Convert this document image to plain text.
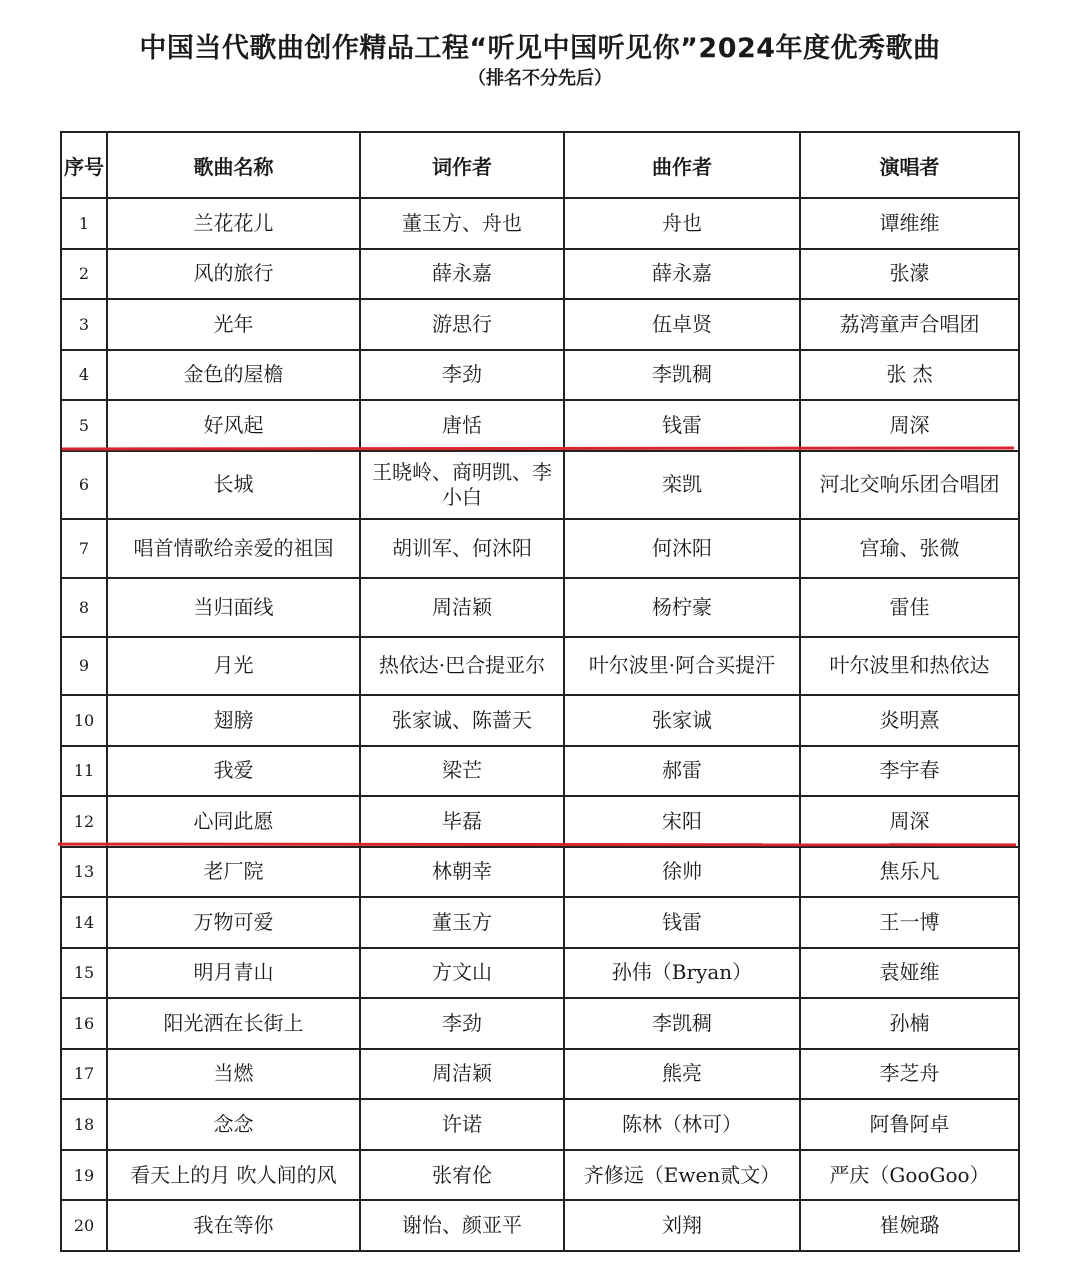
中国当代歌曲创作精品工程“听见中国听见你”2024年度优秀歌曲
（排名不分先后）
序号	歌曲名称	词作者	曲作者	演唱者
1	兰花花儿	董玉方、舟也	舟也	谭维维
2	风的旅行	薛永嘉	薛永嘉	张濛
3	光年	游思行	伍卓贤	荔湾童声合唱团
4	金色的屋檐	李劲	李凯稠	张 杰
5	好风起	唐恬	钱雷	周深
6	长城	王晓岭、商明凯、李小白	栾凯	河北交响乐团合唱团
7	唱首情歌给亲爱的祖国	胡训军、何沐阳	何沐阳	宫瑜、张微
8	当归面线	周洁颖	杨柠豪	雷佳
9	月光	热依达·巴合提亚尔	叶尔波里·阿合买提汗	叶尔波里和热依达
10	翅膀	张家诚、陈蔷天	张家诚	炎明熹
11	我爱	梁芒	郝雷	李宇春
12	心同此愿	毕磊	宋阳	周深
13	老厂院	林朝幸	徐帅	焦乐凡
14	万物可爱	董玉方	钱雷	王一博
15	明月青山	方文山	孙伟（Bryan）	袁娅维
16	阳光洒在长街上	李劲	李凯稠	孙楠
17	当燃	周洁颖	熊亮	李芝舟
18	念念	许诺	陈林（林可）	阿鲁阿卓
19	看天上的月 吹人间的风	张宥伦	齐修远（Ewen贰文）	严庆（GooGoo）
20	我在等你	谢怡、颜亚平	刘翔	崔婉璐
